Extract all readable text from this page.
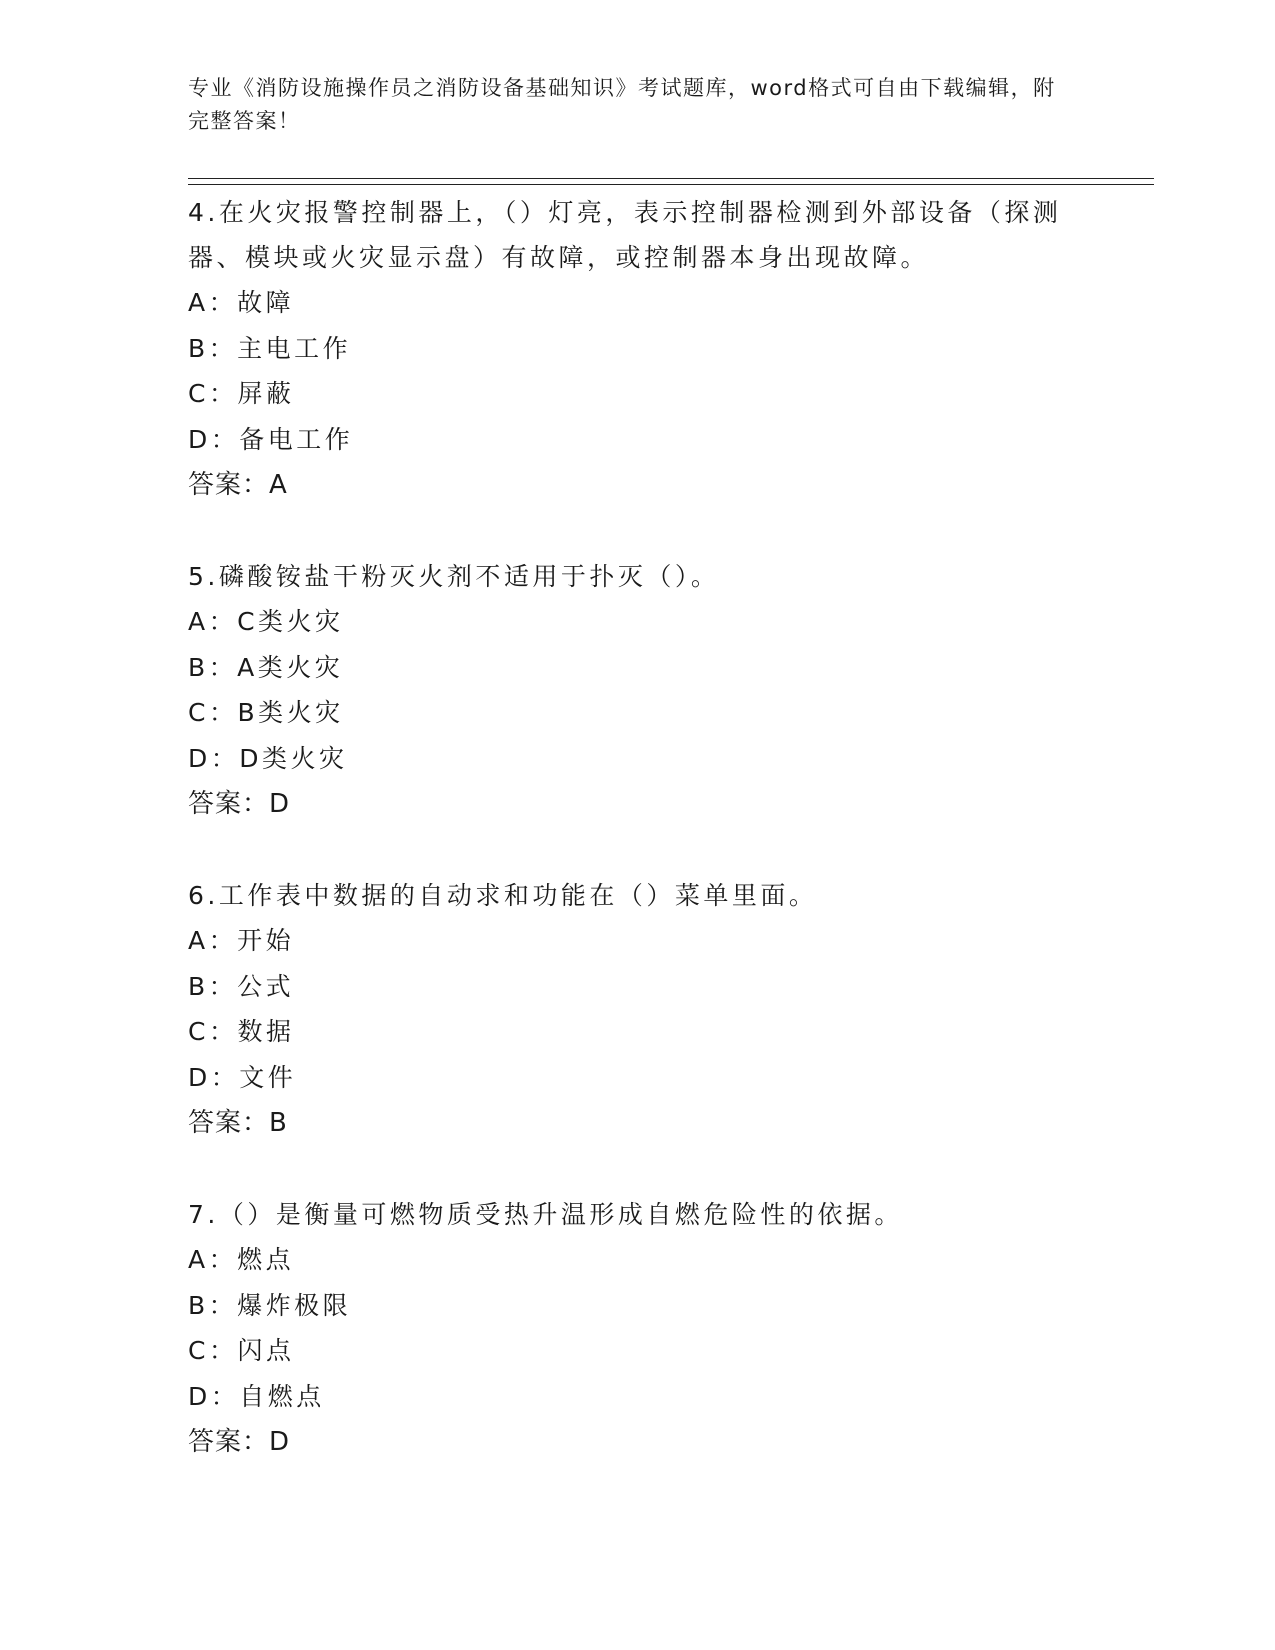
专业《消防设施操作员之消防设备基础知识》考试题库，word格式可自由下载编辑，附完整答案！
4.在火灾报警控制器上，（）灯亮，表示控制器检测到外部设备（探测器、模块或火灾显示盘）有故障，或控制器本身出现故障。
A：故障
B：主电工作
C：屏蔽
D：备电工作
答案：A
5.磷酸铵盐干粉灭火剂不适用于扑灭（）。
A：C类火灾
B：A类火灾
C：B类火灾
D：D类火灾
答案：D
6.工作表中数据的自动求和功能在（）菜单里面。
A：开始
B：公式
C：数据
D：文件
答案：B
7.（）是衡量可燃物质受热升温形成自燃危险性的依据。
A：燃点
B：爆炸极限
C：闪点
D：自燃点
答案：D
